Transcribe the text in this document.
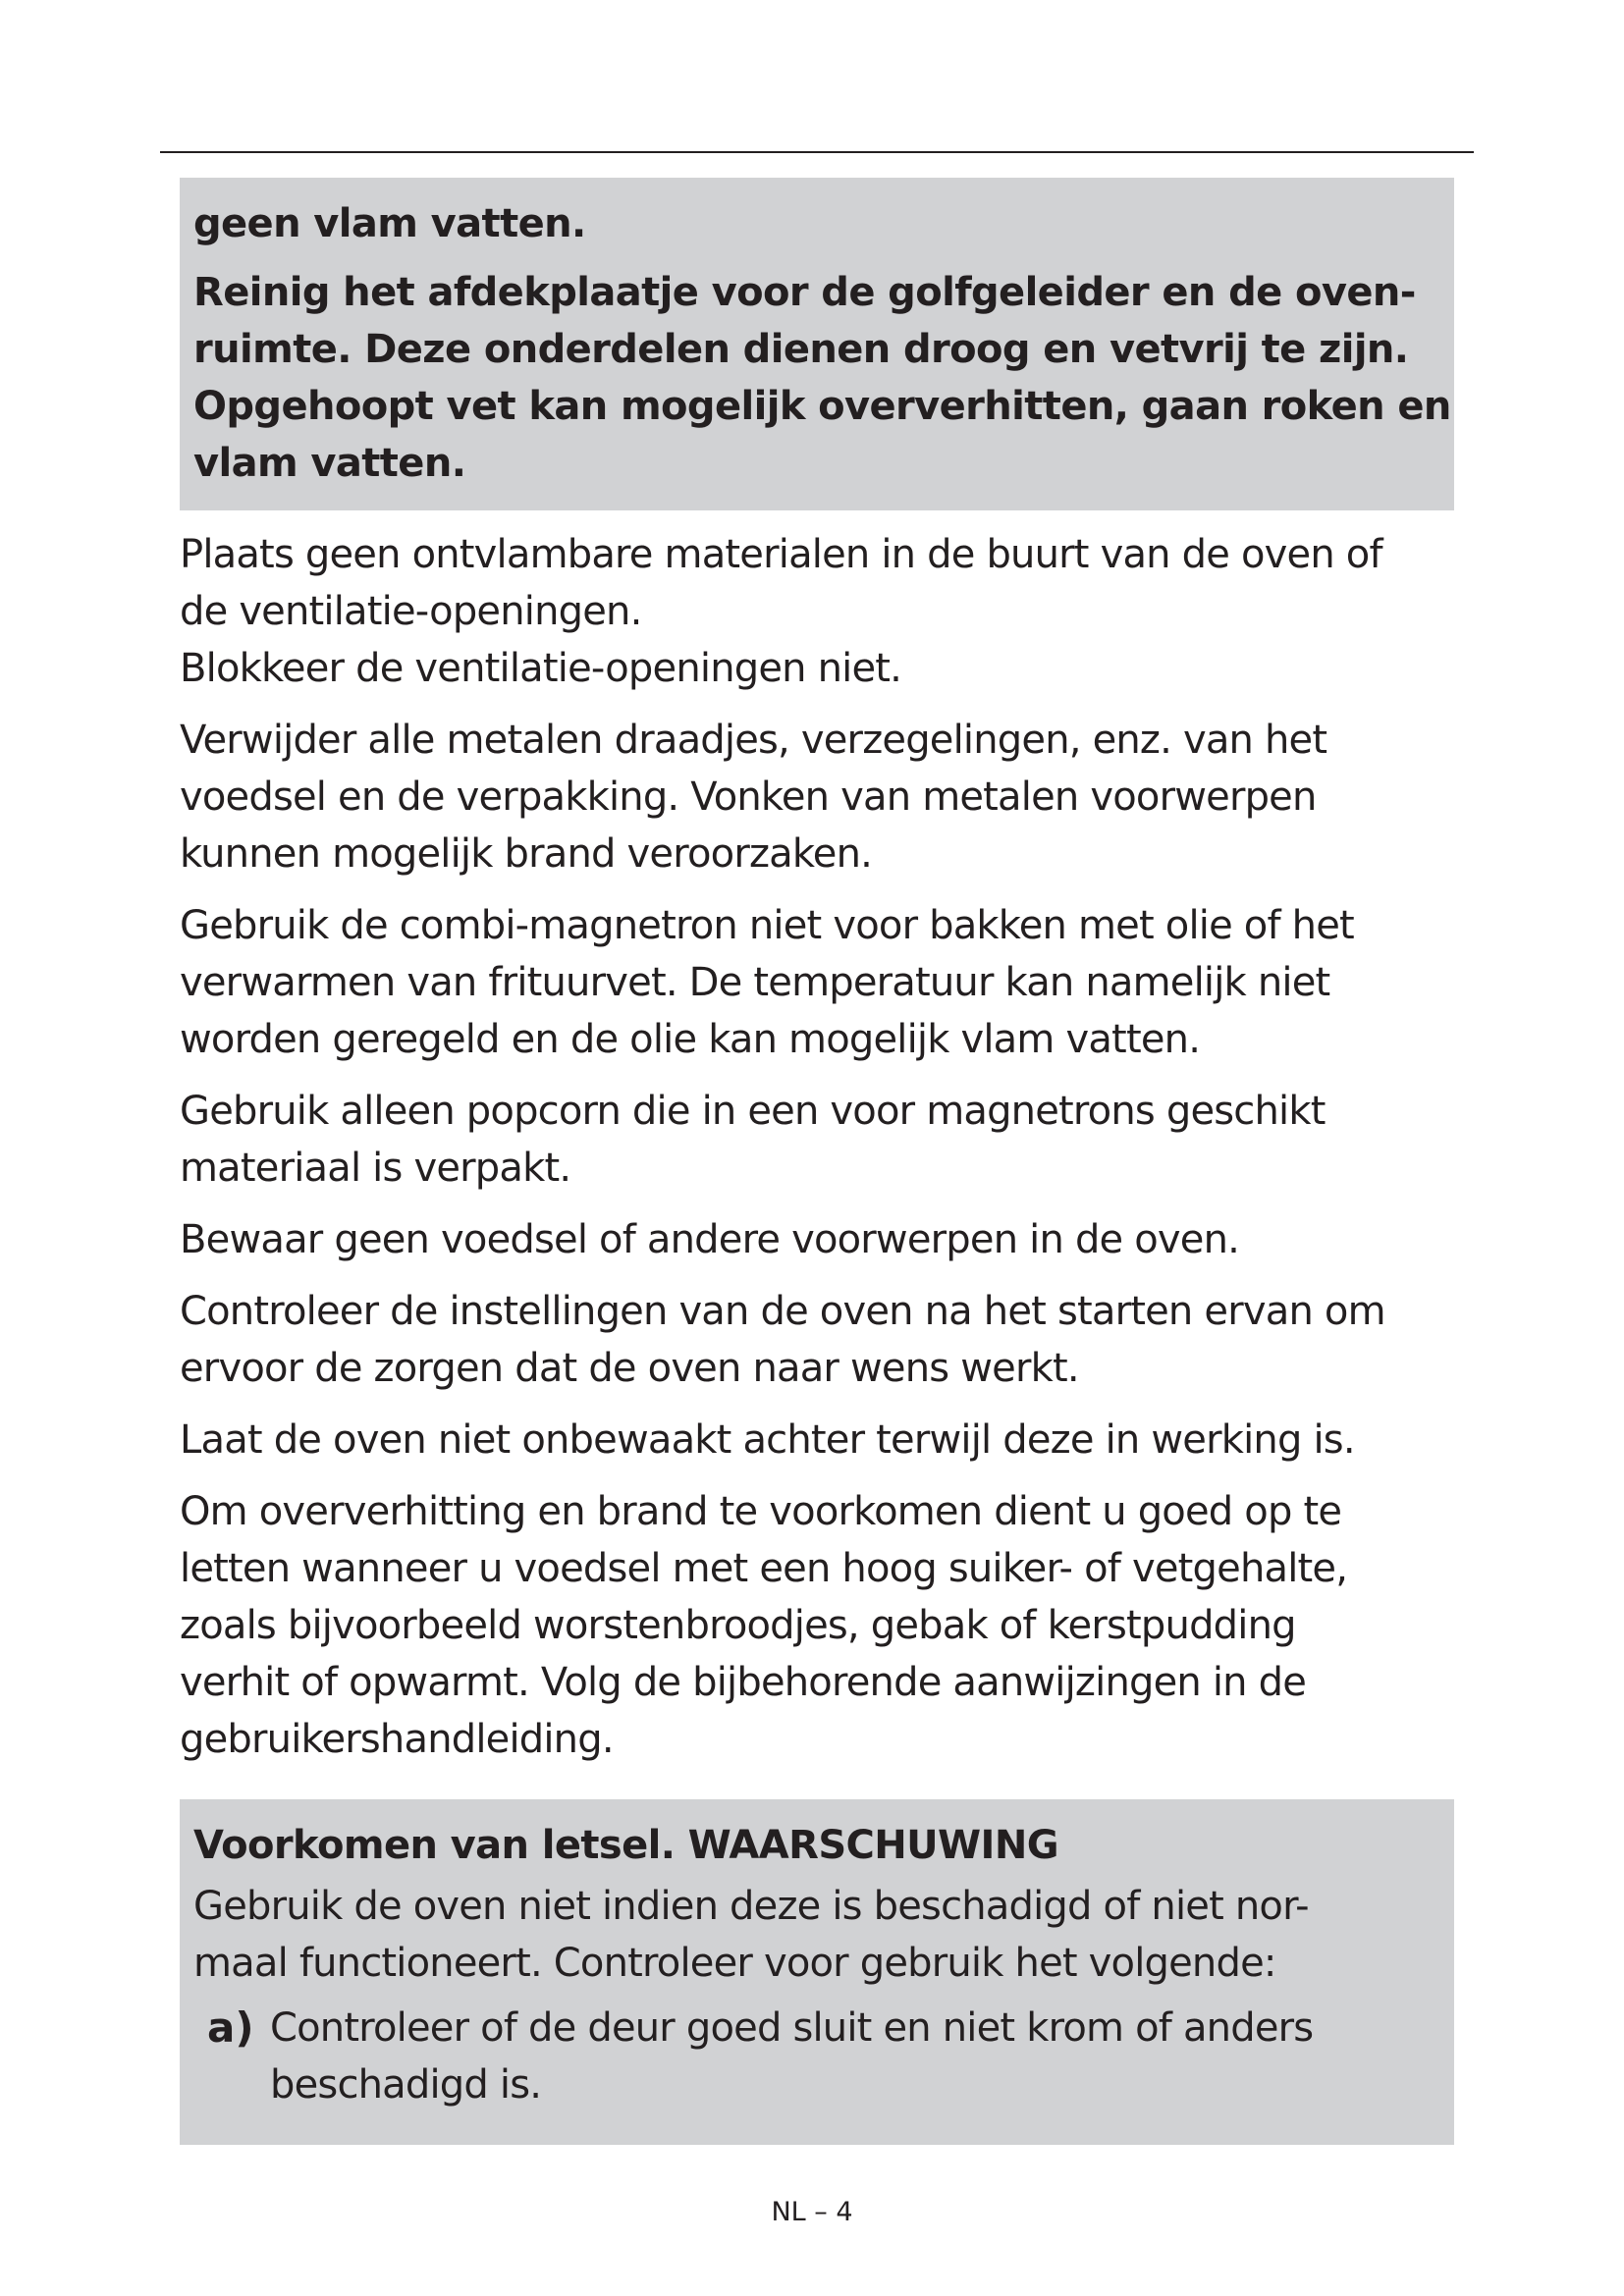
geen vlam vatten.

Reinig het afdekplaatje voor de golfgeleider en de oven-

ruimte. Deze onderdelen dienen droog en vetvrij te zijn.

Opgehoopt vet kan mogelijk oververhitten, gaan roken en

vlam vatten.

Plaats geen ontvlambare materialen in de buurt van de oven of
de ventilatie-openingen.
Blokkeer de ventilatie-openingen niet.
Verwijder alle metalen draadjes, verzegelingen, enz. van het
voedsel en de verpakking. Vonken van metalen voorwerpen
kunnen mogelijk brand veroorzaken.
Gebruik de combi-magnetron niet voor bakken met olie of het
verwarmen van frituurvet. De temperatuur kan namelijk niet
worden geregeld en de olie kan mogelijk vlam vatten.
Gebruik alleen popcorn die in een voor magnetrons geschikt
materiaal is verpakt.
Bewaar geen voedsel of andere voorwerpen in de oven.
Controleer de instellingen van de oven na het starten ervan om
ervoor de zorgen dat de oven naar wens werkt.
Laat de oven niet onbewaakt achter terwijl deze in werking is.
Om oververhitting en brand te voorkomen dient u goed op te
letten wanneer u voedsel met een hoog suiker- of vetgehalte,
zoals bijvoorbeeld worstenbroodjes, gebak of kerstpudding
verhit of opwarmt. Volg de bijbehorende aanwijzingen in de
gebruikershandleiding.

Voorkomen van letsel. WAARSCHUWING

Gebruik de oven niet indien deze is beschadigd of niet nor-
maal functioneert. Controleer voor gebruik het volgende:
a) Controleer of de deur goed sluit en niet krom of anders
beschadigd is.
NL – 4
